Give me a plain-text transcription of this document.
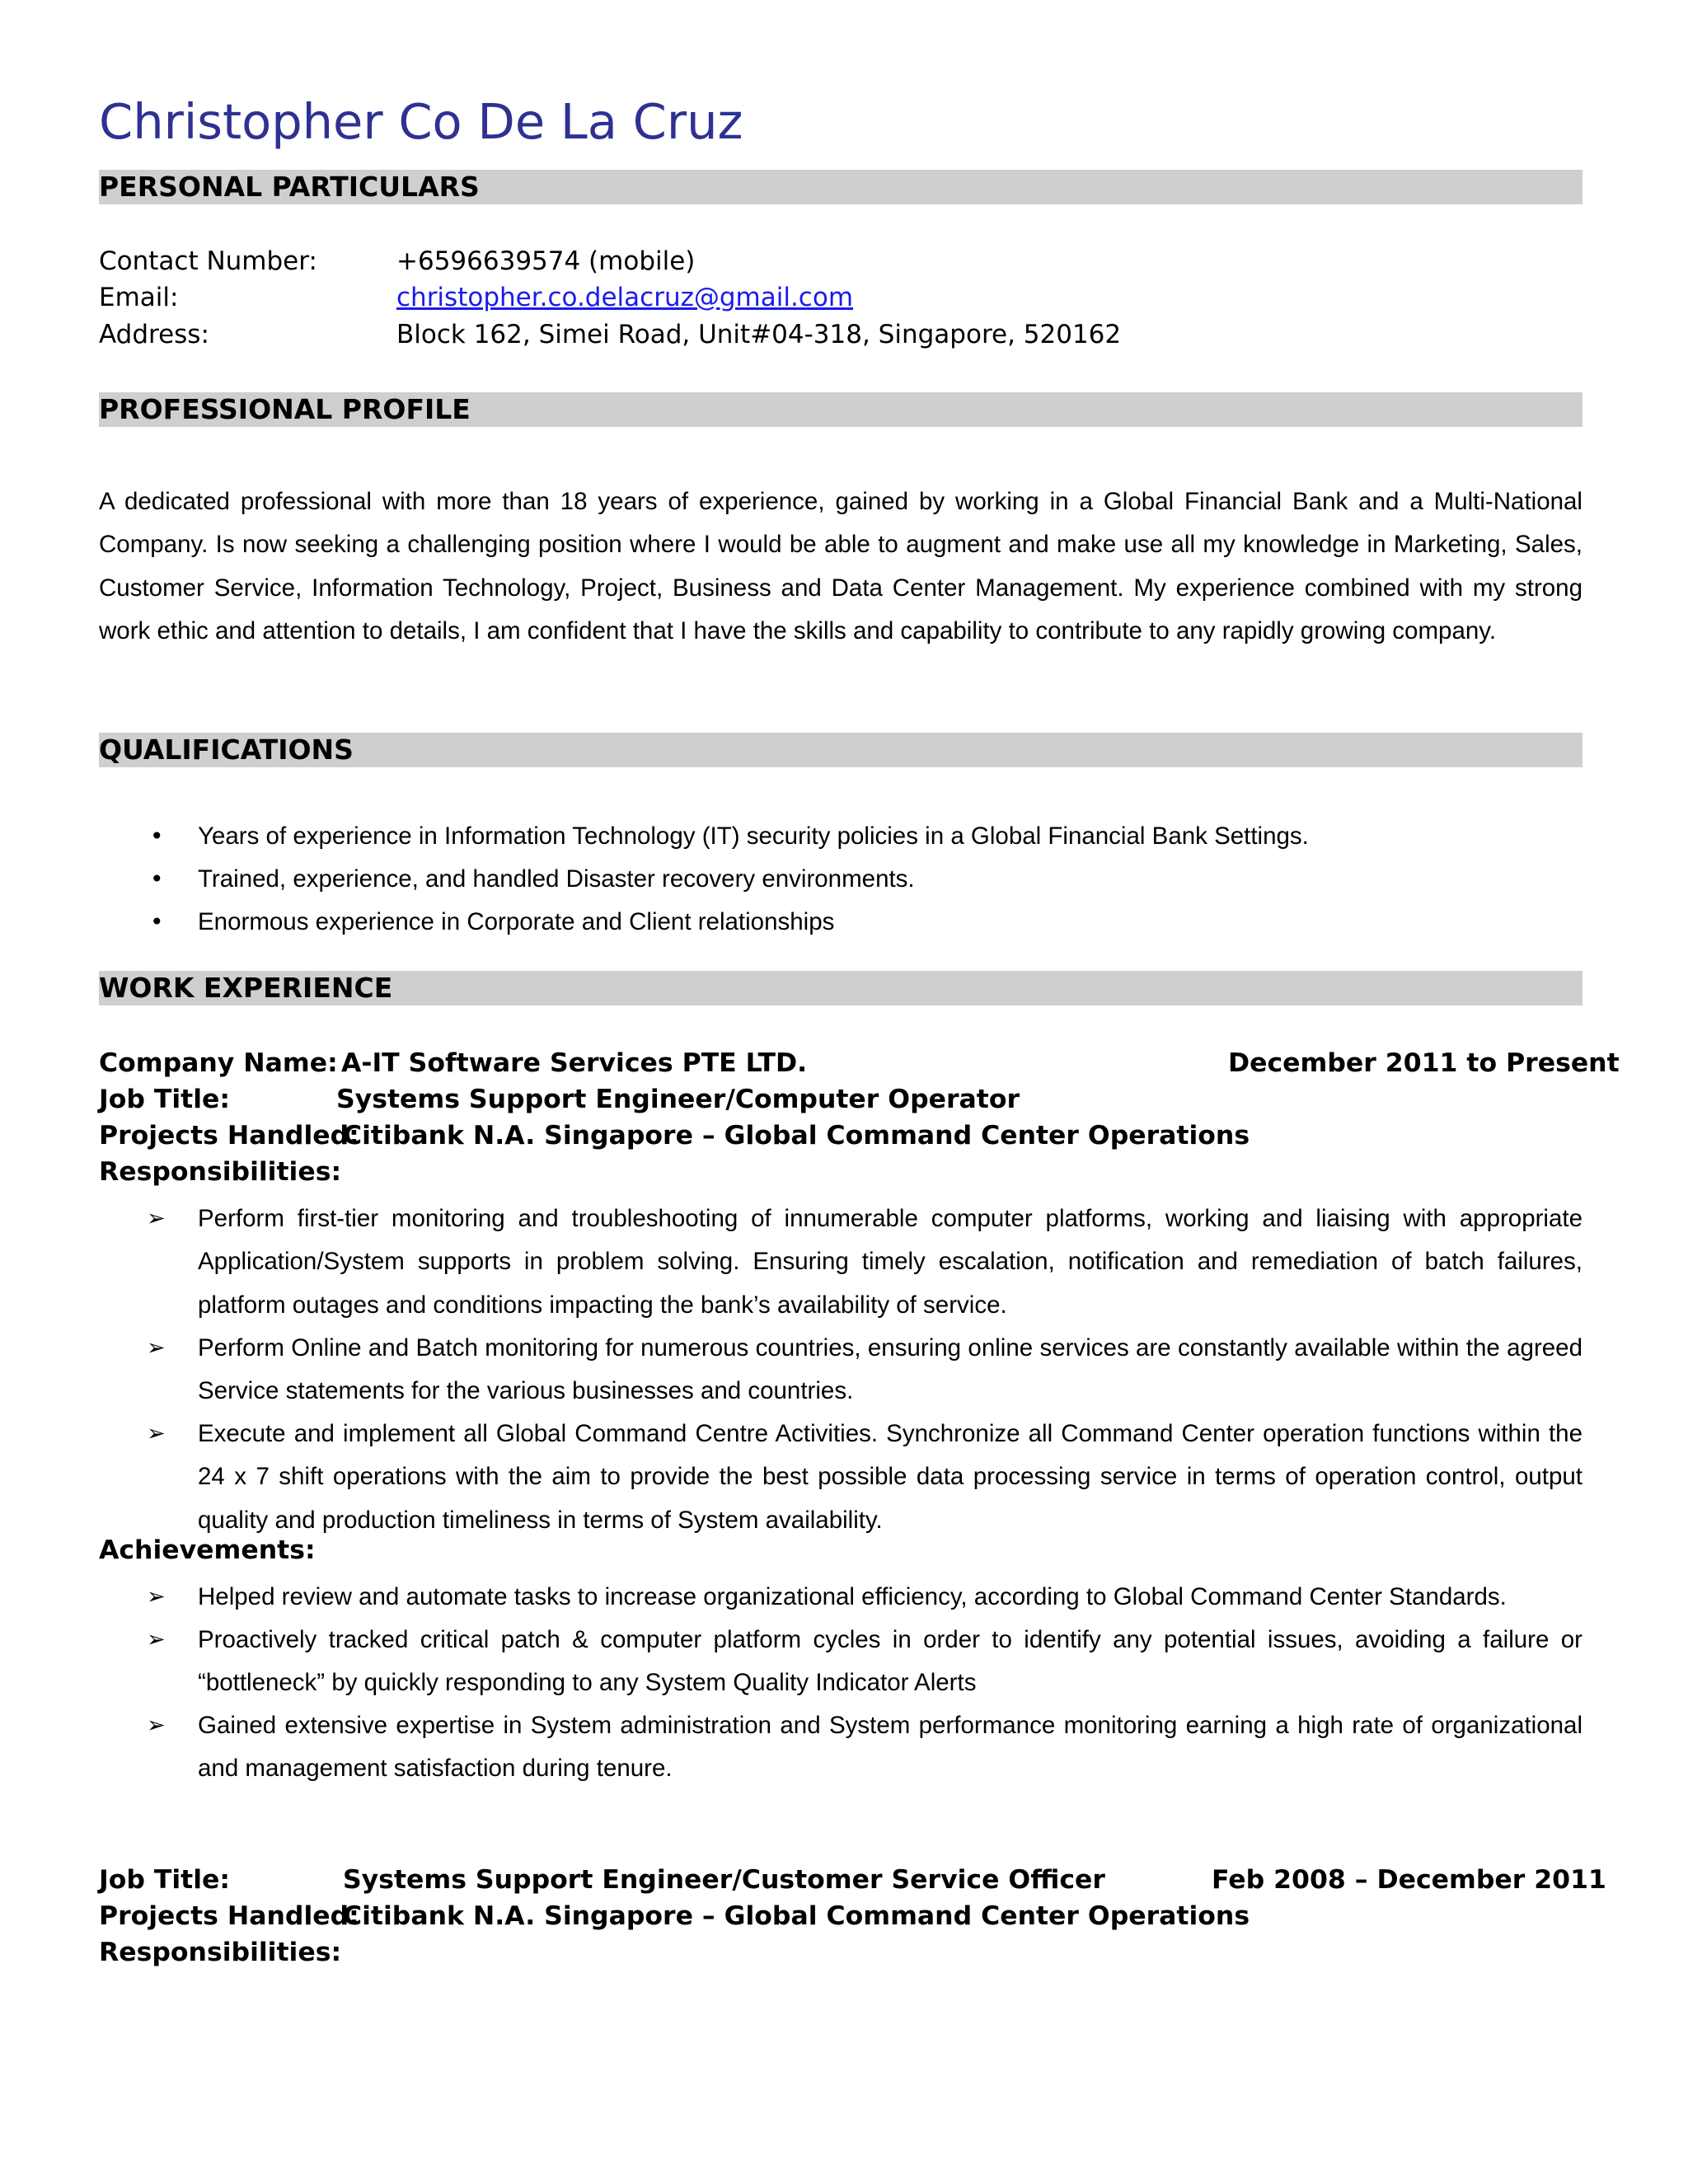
Christopher Co De La Cruz
PERSONAL PARTICULARS
Contact Number:	+6596639574 (mobile)
Email:	christopher.co.delacruz@gmail.com
Address:	Block 162, Simei Road, Unit#04-318, Singapore, 520162
PROFESSIONAL PROFILE

A dedicated professional with more than 18 years of experience, gained by working in a Global Financial Bank and a Multi-National Company. Is now seeking a challenging position where I would be able to augment and make use all my knowledge in Marketing, Sales, Customer Service, Information Technology, Project, Business and Data Center Management. My experience combined with my strong work ethic and attention to details, I am confident that I have the skills and capability to contribute to any rapidly growing company.

QUALIFICATIONS
• Years of experience in Information Technology (IT) security policies in a Global Financial Bank Settings.

• Trained, experience, and handled Disaster recovery environments.

• Enormous experience in Corporate and Client relationships

WORK EXPERIENCE
Company Name: A-IT Software Services PTE LTD.	December 2011 to Present
Job Title:	Systems Support Engineer/Computer Operator
Projects Handled:
Citibank N.A. Singapore – Global Command Center Operations
Responsibilities:
➢ Perform first-tier monitoring and troubleshooting of innumerable computer platforms, working and liaising with appropriate Application/System supports in problem solving. Ensuring timely escalation, notification and remediation of batch failures, platform outages and conditions impacting the bank’s availability of service.

➢ Perform Online and Batch monitoring for numerous countries, ensuring online services are constantly available within the agreed Service statements for the various businesses and countries.

➢ Execute and implement all Global Command Centre Activities. Synchronize all Command Center operation functions within the 24 x 7 shift operations with the aim to provide the best possible data processing service in terms of operation control, output quality and production timeliness in terms of System availability.

Achievements:
➢ Helped review and automate tasks to increase organizational efficiency, according to Global Command Center Standards.

➢ Proactively tracked critical patch & computer platform cycles in order to identify any potential issues, avoiding a failure or “bottleneck” by quickly responding to any System Quality Indicator Alerts

➢ Gained extensive expertise in System administration and System performance monitoring earning a high rate of organizational and management satisfaction during tenure.

Job Title:	Systems Support Engineer/Customer Service Officer	Feb 2008 – December 2011
Projects Handled:
Citibank N.A. Singapore – Global Command Center Operations
Responsibilities:
